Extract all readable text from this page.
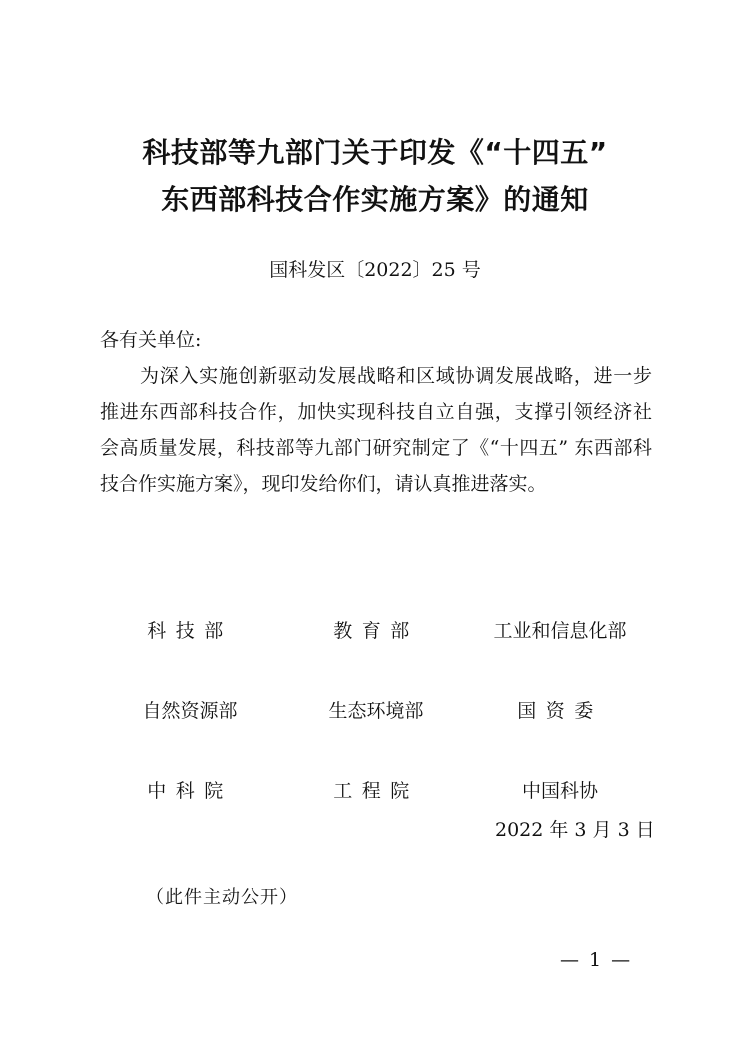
科技部等九部门关于印发《“十四五”
东西部科技合作实施方案》的通知
国科发区〔2022〕25 号
各有关单位:
为深入实施创新驱动发展战略和区域协调发展战略，进一步
推进东西部科技合作，加快实现科技自立自强，支撑引领经济社
会高质量发展，科技部等九部门研究制定了《“十四五” 东西部科
技合作实施方案》，现印发给你们，请认真推进落实。
科技部	教育部	工业和信息化部
自然资源部	生态环境部	国资委
中科院	工程院	中国科协
2022 年 3 月 3 日
（此件主动公开）
— 1 —
